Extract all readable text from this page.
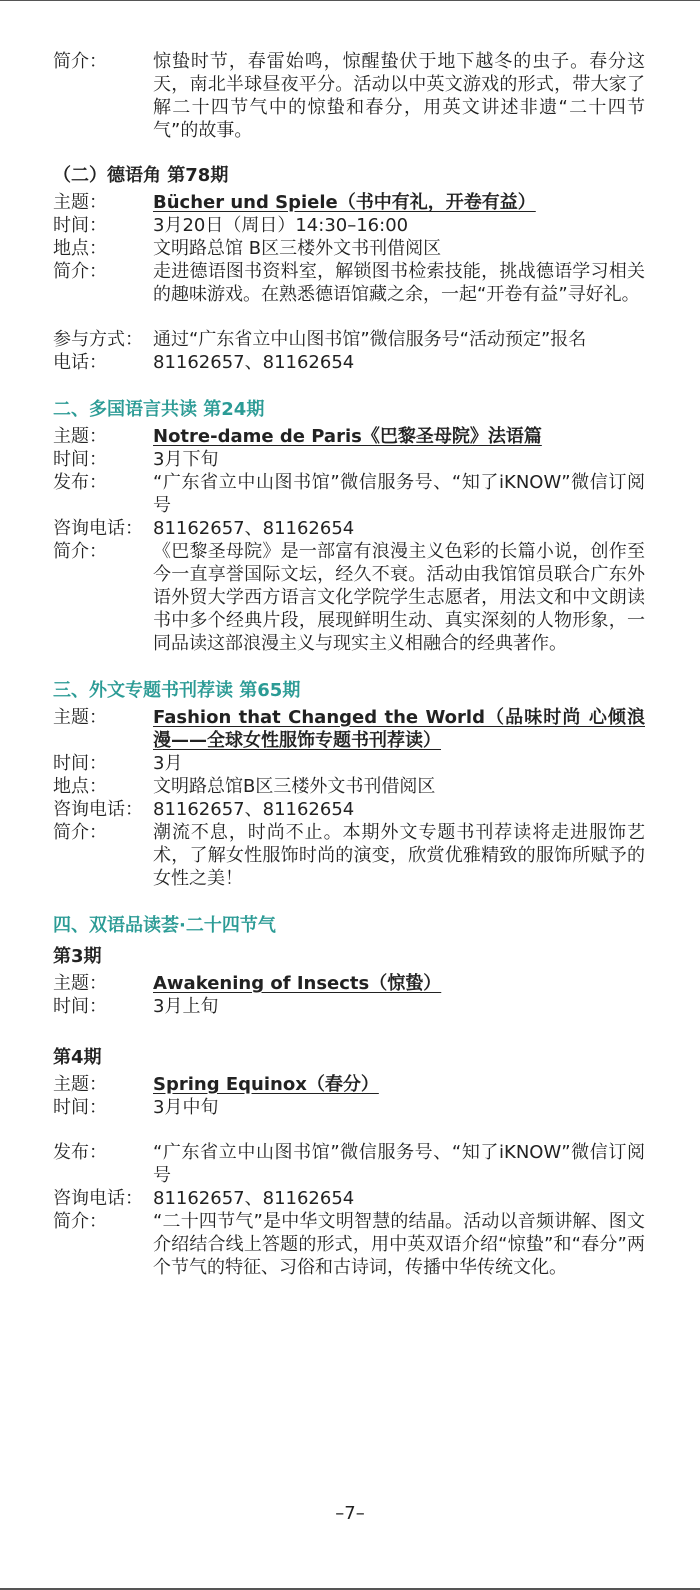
简介：	惊蛰时节，春雷始鸣，惊醒蛰伏于地下越冬的虫子。春分这天，南北半球昼夜平分。活动以中英文游戏的形式，带大家了解二十四节气中的惊蛰和春分，用英文讲述非遗“二十四节气”的故事。
（二）德语角 第78期
主题：	Bücher und Spiele（书中有礼，开卷有益）
时间：	3月20日（周日）14:30–16:00
地点：	文明路总馆 B区三楼外文书刊借阅区
简介：	走进德语图书资料室，解锁图书检索技能，挑战德语学习相关的趣味游戏。在熟悉德语馆藏之余，一起“开卷有益”寻好礼。
参与方式： 通过“广东省立中山图书馆”微信服务号“活动预定”报名
电话：	81162657、81162654
二、多国语言共读 第24期
主题：	Notre-dame de Paris《巴黎圣母院》法语篇
时间：	3月下旬
发布：	“广东省立中山图书馆”微信服务号、“知了iKNOW”微信订阅号
咨询电话： 81162657、81162654
简介：	《巴黎圣母院》是一部富有浪漫主义色彩的长篇小说，创作至今一直享誉国际文坛，经久不衰。活动由我馆馆员联合广东外语外贸大学西方语言文化学院学生志愿者，用法文和中文朗读书中多个经典片段，展现鲜明生动、真实深刻的人物形象，一同品读这部浪漫主义与现实主义相融合的经典著作。
三、外文专题书刊荐读 第65期
主题：	Fashion that Changed the World（品味时尚 心倾浪漫——全球女性服饰专题书刊荐读）
时间：	3月
地点：	文明路总馆B区三楼外文书刊借阅区
咨询电话： 81162657、81162654
简介：	潮流不息，时尚不止。本期外文专题书刊荐读将走进服饰艺术，了解女性服饰时尚的演变，欣赏优雅精致的服饰所赋予的女性之美！
四、双语品读荟·二十四节气
第3期
主题：	Awakening of Insects（惊蛰）
时间：	3月上旬
第4期
主题：	Spring Equinox（春分）
时间：	3月中旬
发布：	“广东省立中山图书馆”微信服务号、“知了iKNOW”微信订阅号
咨询电话： 81162657、81162654
简介：	“二十四节气”是中华文明智慧的结晶。活动以音频讲解、图文介绍结合线上答题的形式，用中英双语介绍“惊蛰”和“春分”两个节气的特征、习俗和古诗词，传播中华传统文化。
–7–
